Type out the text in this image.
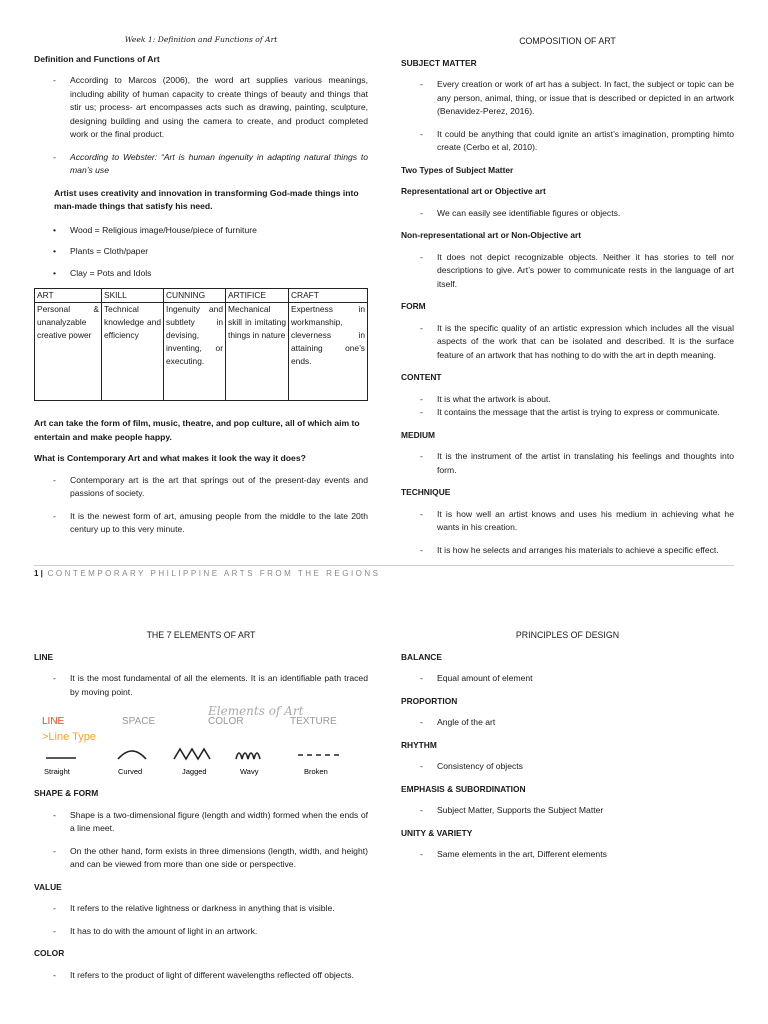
Week 1: Definition and Functions of Art
Definition and Functions of Art
- According to Marcos (2006), the word art supplies various meanings, including ability of human capacity to create things of beauty and things that stir us; process- art encompasses acts such as drawing, painting, sculpture, designing building and using the camera to create, and product completed work or the final product.
- According to Webster: “Art is human ingenuity in adapting natural things to man’s use
Artist uses creativity and innovation in transforming God-made things into man-made things that satisfy his need.
• Wood = Religious image/House/piece of furniture
• Plants = Cloth/paper
• Clay = Pots and Idols
ART	SKILL	CUNNING	ARTIFICE	CRAFT
Personal & unanalyzable creative power	Technical knowledge and efficiency	Ingenuity and subtlety in devising, inventing, or executing.	Mechanical skill in imitating things in nature	Expertness in workmanship, cleverness in attaining one’s ends.
Art can take the form of film, music, theatre, and pop culture, all of which aim to entertain and make people happy.
What is Contemporary Art and what makes it look the way it does?
- Contemporary art is the art that springs out of the present-day events and passions of society.
- It is the newest form of art, amusing people from the middle to the late 20th century up to this very minute.
COMPOSITION OF ART
SUBJECT MATTER
- Every creation or work of art has a subject. In fact, the subject or topic can be any person, animal, thing, or issue that is described or depicted in an artwork (Benavidez-Perez, 2016).
- It could be anything that could ignite an artist’s imagination, prompting himto create (Cerbo et al, 2010).
Two Types of Subject Matter
Representational art or Objective art
- We can easily see identifiable figures or objects.
Non-representational art or Non-Objective art
- It does not depict recognizable objects. Neither it has stories to tell nor descriptions to give. Art’s power to communicate rests in the language of art itself.
FORM
- It is the specific quality of an artistic expression which includes all the visual aspects of the work that can be isolated and described. It is the surface feature of an artwork that has nothing to do with the art in depth meaning.
CONTENT
- It is what the artwork is about.
- It contains the message that the artist is trying to express or communicate.
MEDIUM
- It is the instrument of the artist in translating his feelings and thoughts into form.
TECHNIQUE
- It is how well an artist knows and uses his medium in achieving what he wants in his creation.
- It is how he selects and arranges his materials to achieve a specific effect.
1 | CONTEMPORARY PHILIPPINE ARTS FROM THE REGIONS
THE 7 ELEMENTS OF ART
LINE
- It is the most fundamental of all the elements. It is an identifiable path traced by moving point.
LINE	SPACE
Elements of Art
COLOR	TEXTURE
>Line Type
Straight	Curved	Jagged	Wavy	Broken
SHAPE & FORM
- Shape is a two-dimensional figure (length and width) formed when the ends of a line meet.
- On the other hand, form exists in three dimensions (length, width, and height) and can be viewed from more than one side or perspective.
VALUE
- It refers to the relative lightness or darkness in anything that is visible.
- It has to do with the amount of light in an artwork.
COLOR
- It refers to the product of light of different wavelengths reflected off objects.
PRINCIPLES OF DESIGN
BALANCE
- Equal amount of element
PROPORTION
- Angle of the art
RHYTHM
- Consistency of objects
EMPHASIS & SUBORDINATION
- Subject Matter, Supports the Subject Matter
UNITY & VARIETY
- Same elements in the art, Different elements
